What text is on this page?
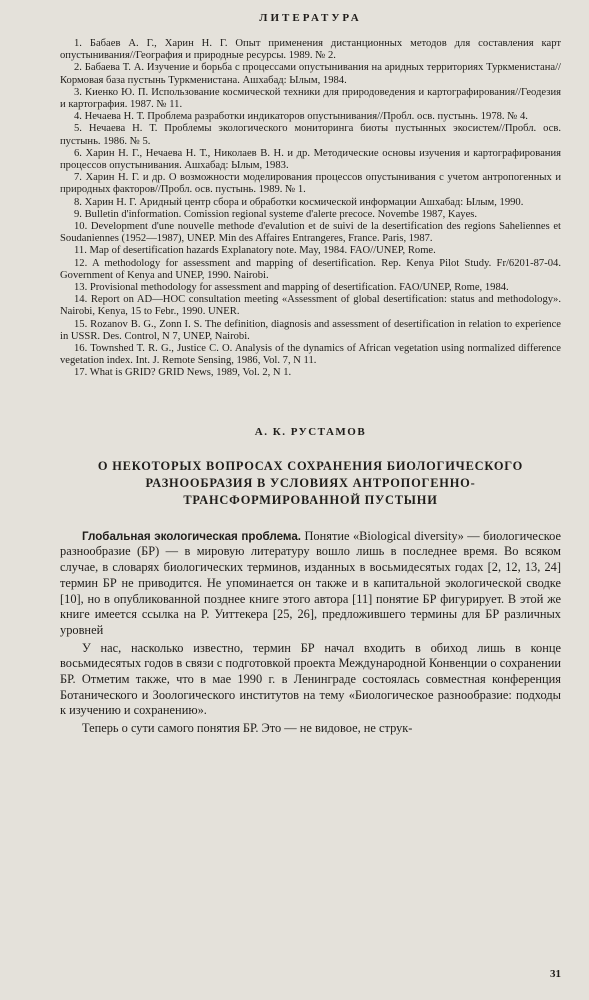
ЛИТЕРАТУРА

1. Бабаев А. Г., Харин Н. Г. Опыт применения дистанционных методов для составления карт опустынивания//География и природные ресурсы. 1989. № 2.

2. Бабаева Т. А. Изучение и борьба с процессами опустынивания на аридных территориях Туркменистана//Кормовая база пустынь Туркменистана. Ашхабад: Ылым, 1984.

3. Киенко Ю. П. Использование космической техники для природоведения и картографирования//Геодезия и картография. 1987. № 11.

4. Нечаева Н. Т. Проблема разработки индикаторов опустынивания//Пробл. осв. пустынь. 1978. № 4.

5. Нечаева Н. Т. Проблемы экологического мониторинга биоты пустынных экосистем//Пробл. осв. пустынь. 1986. № 5.

6. Харин Н. Г., Нечаева Н. Т., Николаев В. Н. и др. Методические основы изучения и картографирования процессов опустынивания. Ашхабад: Ылым, 1983.

7. Харин Н. Г. и др. О возможности моделирования процессов опустынивания с учетом антропогенных и природных факторов//Пробл. осв. пустынь. 1989. № 1.

8. Харин Н. Г. Аридный центр сбора и обработки космической информации Ашхабад: Ылым, 1990.

9. Bulletin d'information. Comission regional systeme d'alerte precoce. Novembe 1987, Kayes.

10. Development d'une nouvelle methode d'evalution et de suivi de la desertification des regions Saheliennes et Soudaniennes (1952—1987), UNEP. Min des Affaires Entrangeres, France. Paris, 1987.

11. Map of desertification hazards Explanatory note. May, 1984. FAO//UNEP, Rome.

12. A methodology for assessment and mapping of desertification. Rep. Kenya Pilot Study. Fr/6201-87-04. Government of Kenya and UNEP, 1990. Nairobi.

13. Provisional methodology for assessment and mapping of desertification. FAO/UNEP, Rome, 1984.

14. Report on AD—HOC consultation meeting «Assessment of global desertification: status and methodology». Nairobi, Kenya, 15 to Febr., 1990. UNER.

15. Rozanov B. G., Zonn I. S. The definition, diagnosis and assessment of desertification in relation to experience in USSR. Des. Control, N 7, UNEP, Nairobi.

16. Townshed T. R. G., Justice C. O. Analysis of the dynamics of African vegetation using normalized difference vegetation index. Int. J. Remote Sensing, 1986, Vol. 7, N 11.

17. What is GRID? GRID News, 1989, Vol. 2, N 1.

А. К. РУСТАМОВ
О НЕКОТОРЫХ ВОПРОСАХ СОХРАНЕНИЯ БИОЛОГИЧЕСКОГО РАЗНООБРАЗИЯ В УСЛОВИЯХ АНТРОПОГЕННО-ТРАНСФОРМИРОВАННОЙ ПУСТЫНИ

Глобальная экологическая проблема. Понятие «Biological diversity» — биологическое разнообразие (БР) — в мировую литературу вошло лишь в последнее время. Во всяком случае, в словарях биологических терминов, изданных в восьмидесятых годах [2, 12, 13, 24] термин БР не приводится. Не упоминается он также и в капитальной экологической сводке [10], но в опубликованной позднее книге этого автора [11] понятие БР фигурирует. В этой же книге имеется ссылка на Р. Уиттекера [25, 26], предложившего термины для БР различных уровней

У нас, насколько известно, термин БР начал входить в обиход лишь в конце восьмидесятых годов в связи с подготовкой проекта Международной Конвенции о сохранении БР. Отметим также, что в мае 1990 г. в Ленинграде состоялась совместная конференция Ботанического и Зоологического институтов на тему «Биологическое разнообразие: подходы к изучению и сохранению».

Теперь о сути самого понятия БР. Это — не видовое, не струк-

31
